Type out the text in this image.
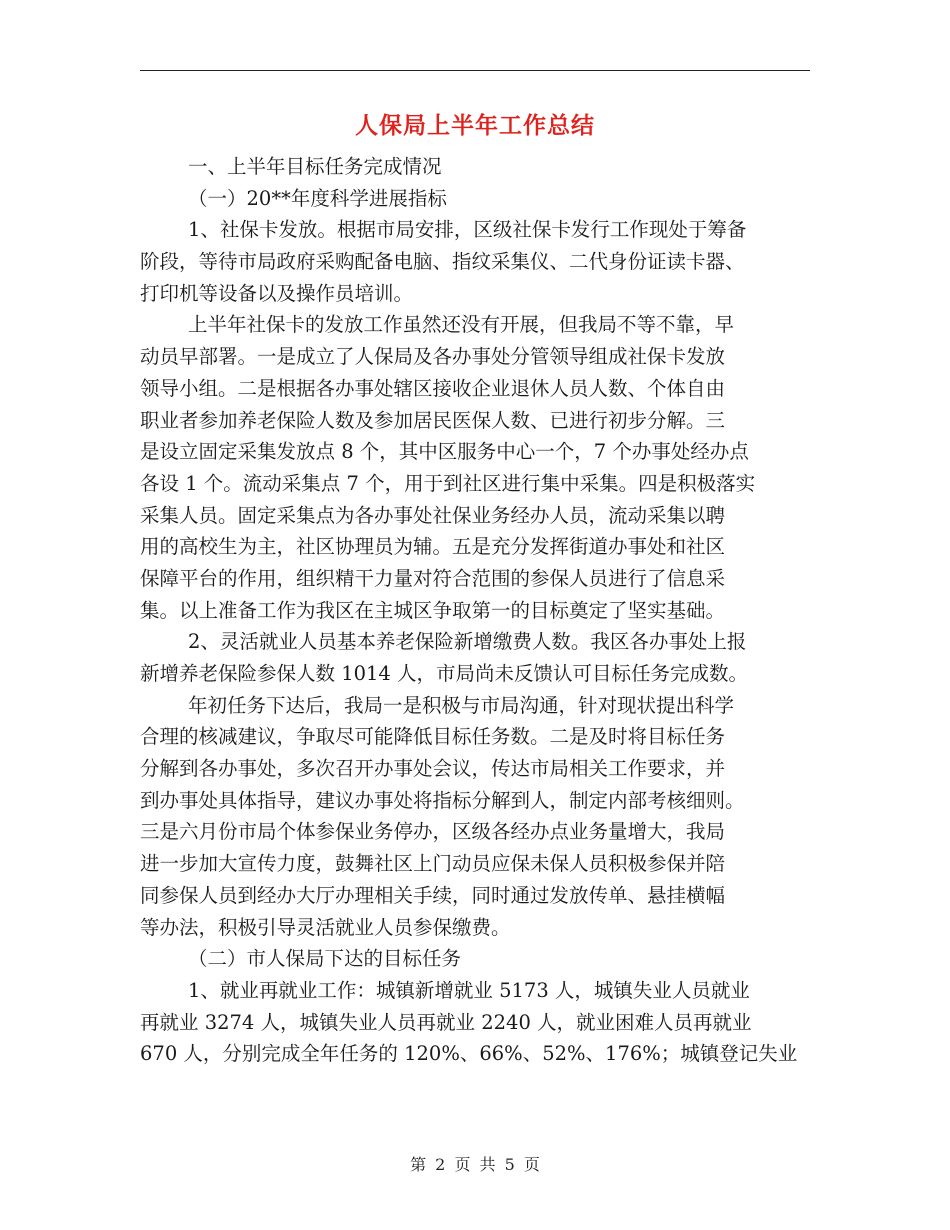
人保局上半年工作总结
一、上半年目标任务完成情况
（一）20**年度科学进展指标
1、社保卡发放。根据市局安排，区级社保卡发行工作现处于筹备
阶段，等待市局政府采购配备电脑、指纹采集仪、二代身份证读卡器、
打印机等设备以及操作员培训。
上半年社保卡的发放工作虽然还没有开展，但我局不等不靠，早
动员早部署。一是成立了人保局及各办事处分管领导组成社保卡发放
领导小组。二是根据各办事处辖区接收企业退休人员人数、个体自由
职业者参加养老保险人数及参加居民医保人数、已进行初步分解。三
是设立固定采集发放点 8 个，其中区服务中心一个，7 个办事处经办点
各设 1 个。流动采集点 7 个，用于到社区进行集中采集。四是积极落实
采集人员。固定采集点为各办事处社保业务经办人员，流动采集以聘
用的高校生为主，社区协理员为辅。五是充分发挥街道办事处和社区
保障平台的作用，组织精干力量对符合范围的参保人员进行了信息采
集。以上准备工作为我区在主城区争取第一的目标奠定了坚实基础。
2、灵活就业人员基本养老保险新增缴费人数。我区各办事处上报
新增养老保险参保人数 1014 人，市局尚未反馈认可目标任务完成数。
年初任务下达后，我局一是积极与市局沟通，针对现状提出科学
合理的核减建议，争取尽可能降低目标任务数。二是及时将目标任务
分解到各办事处，多次召开办事处会议，传达市局相关工作要求，并
到办事处具体指导，建议办事处将指标分解到人，制定内部考核细则。
三是六月份市局个体参保业务停办，区级各经办点业务量增大，我局
进一步加大宣传力度，鼓舞社区上门动员应保未保人员积极参保并陪
同参保人员到经办大厅办理相关手续，同时通过发放传单、悬挂横幅
等办法，积极引导灵活就业人员参保缴费。
（二）市人保局下达的目标任务
1、就业再就业工作：城镇新增就业 5173 人，城镇失业人员就业
再就业 3274 人，城镇失业人员再就业 2240 人，就业困难人员再就业
670 人，分别完成全年任务的 120%、66%、52%、176%；城镇登记失业
第 2 页 共 5 页
